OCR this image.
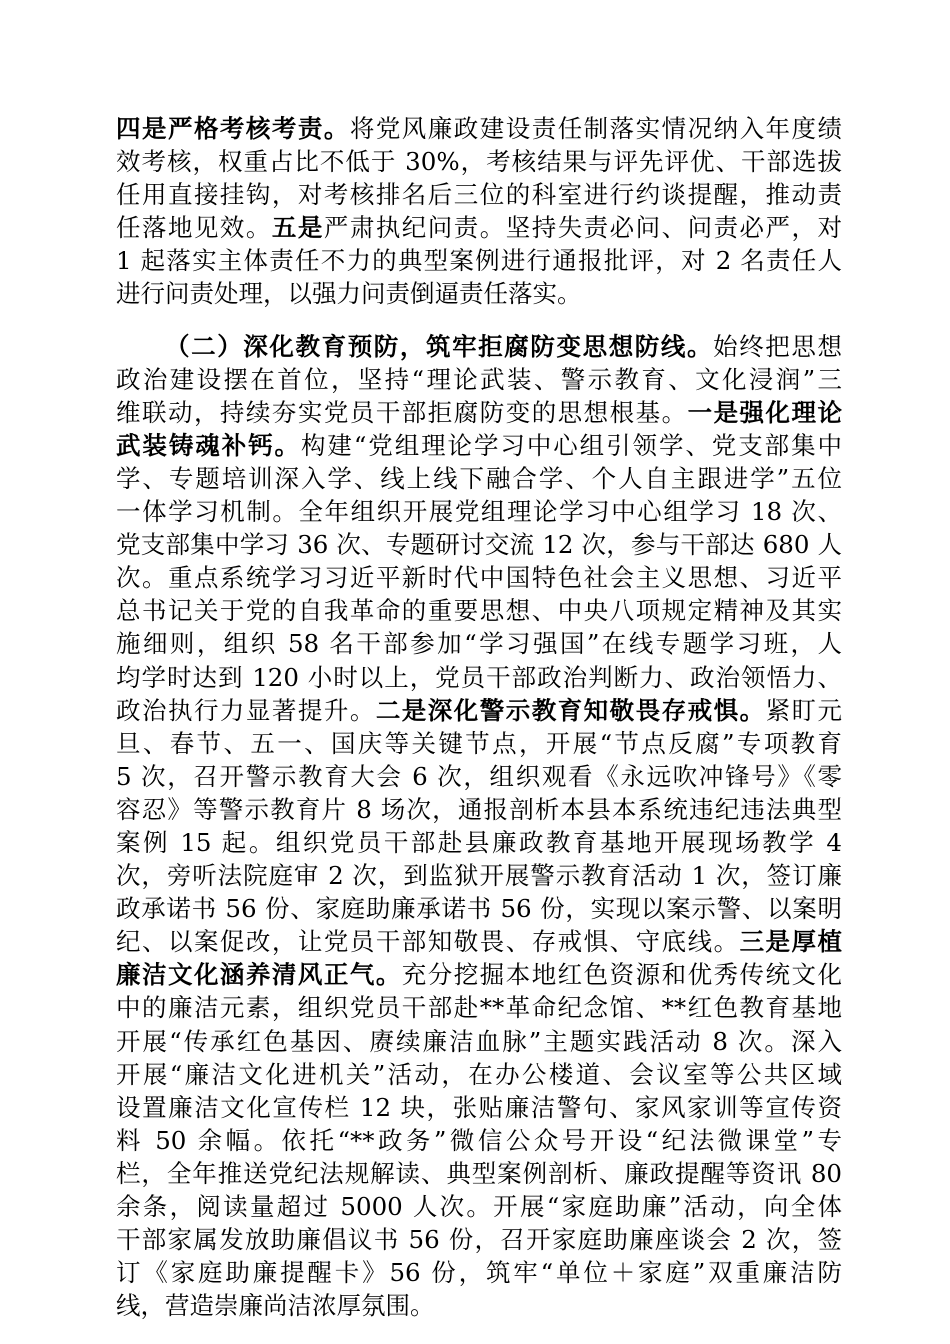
四是严格考核考责。将党风廉政建设责任制落实情况纳入年度绩
效考核，权重占比不低于 30%，考核结果与评先评优、干部选拔
任用直接挂钩，对考核排名后三位的科室进行约谈提醒，推动责
任落地见效。五是严肃执纪问责。坚持失责必问、问责必严，对
1 起落实主体责任不力的典型案例进行通报批评，对 2 名责任人
进行问责处理，以强力问责倒逼责任落实。
（二）深化教育预防，筑牢拒腐防变思想防线。始终把思想
政治建设摆在首位，坚持“理论武装、警示教育、文化浸润”三
维联动，持续夯实党员干部拒腐防变的思想根基。一是强化理论
武装铸魂补钙。构建“党组理论学习中心组引领学、党支部集中
学、专题培训深入学、线上线下融合学、个人自主跟进学”五位
一体学习机制。全年组织开展党组理论学习中心组学习 18 次、
党支部集中学习 36 次、专题研讨交流 12 次，参与干部达 680 人
次。重点系统学习习近平新时代中国特色社会主义思想、习近平
总书记关于党的自我革命的重要思想、中央八项规定精神及其实
施细则，组织 58 名干部参加“学习强国”在线专题学习班，人
均学时达到 120 小时以上，党员干部政治判断力、政治领悟力、
政治执行力显著提升。二是深化警示教育知敬畏存戒惧。紧盯元
旦、春节、五一、国庆等关键节点，开展“节点反腐”专项教育
5 次，召开警示教育大会 6 次，组织观看《永远吹冲锋号》《零
容忍》等警示教育片 8 场次，通报剖析本县本系统违纪违法典型
案例 15 起。组织党员干部赴县廉政教育基地开展现场教学 4
次，旁听法院庭审 2 次，到监狱开展警示教育活动 1 次，签订廉
政承诺书 56 份、家庭助廉承诺书 56 份，实现以案示警、以案明
纪、以案促改，让党员干部知敬畏、存戒惧、守底线。三是厚植
廉洁文化涵养清风正气。充分挖掘本地红色资源和优秀传统文化
中的廉洁元素，组织党员干部赴**革命纪念馆、**红色教育基地
开展“传承红色基因、赓续廉洁血脉”主题实践活动 8 次。深入
开展“廉洁文化进机关”活动，在办公楼道、会议室等公共区域
设置廉洁文化宣传栏 12 块，张贴廉洁警句、家风家训等宣传资
料 50 余幅。依托“**政务”微信公众号开设“纪法微课堂”专
栏，全年推送党纪法规解读、典型案例剖析、廉政提醒等资讯 80
余条，阅读量超过 5000 人次。开展“家庭助廉”活动，向全体
干部家属发放助廉倡议书 56 份，召开家庭助廉座谈会 2 次，签
订《家庭助廉提醒卡》56 份，筑牢“单位＋家庭”双重廉洁防
线，营造崇廉尚洁浓厚氛围。
